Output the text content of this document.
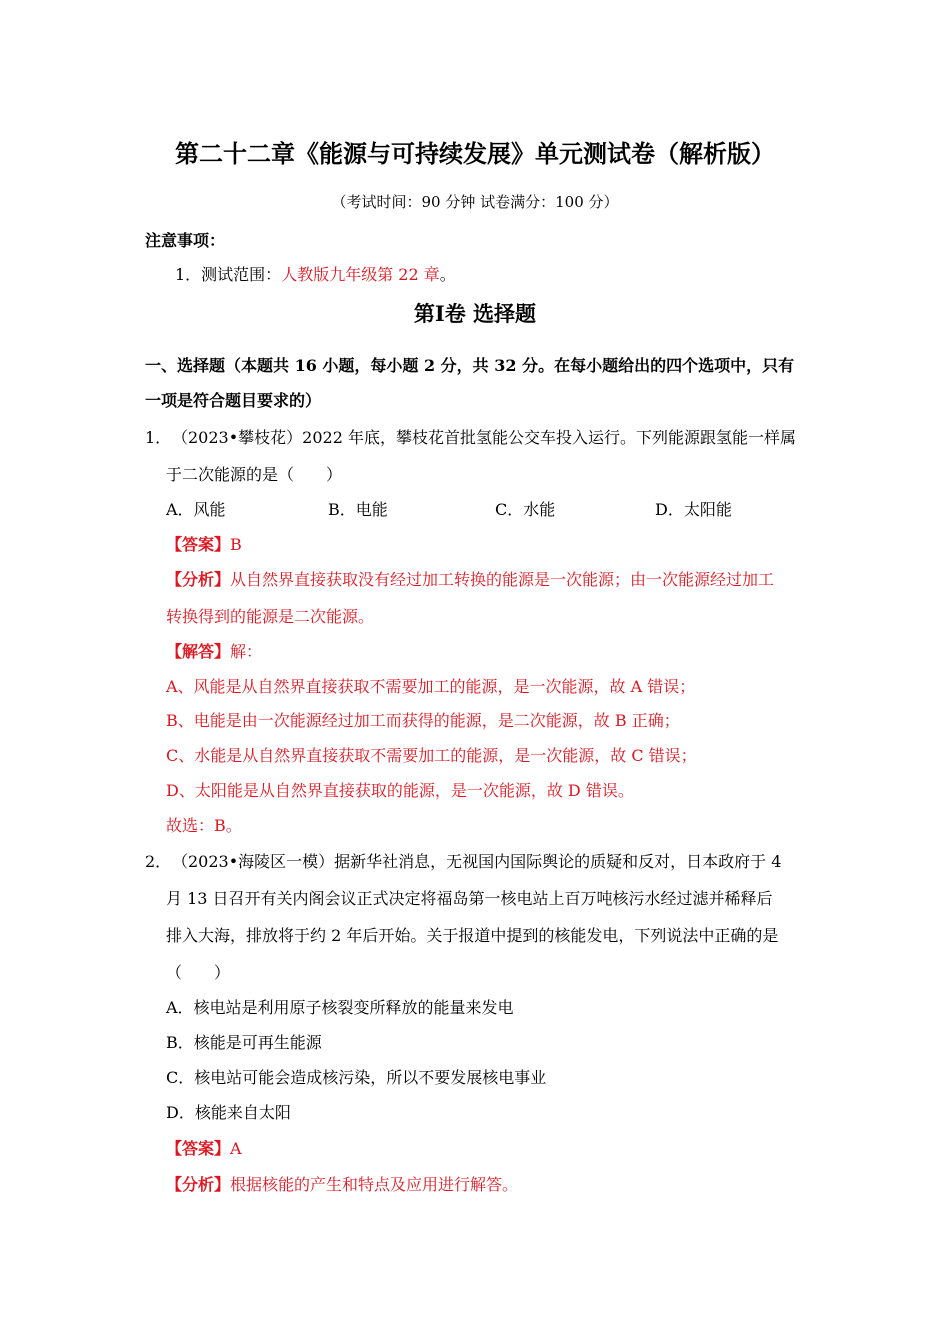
第二十二章《能源与可持续发展》单元测试卷（解析版）
（考试时间：90 分钟 试卷满分：100 分）
注意事项：
1．测试范围：人教版九年级第 22 章。
第Ⅰ卷 选择题
一、选择题（本题共 16 小题，每小题 2 分，共 32 分。在每小题给出的四个选项中，只有
一项是符合题目要求的）
1． （2023•攀枝花）2022 年底，攀枝花首批氢能公交车投入运行。下列能源跟氢能一样属
于二次能源的是（　　）
A．风能	B．电能	C．水能	D．太阳能
【答案】B
【分析】从自然界直接获取没有经过加工转换的能源是一次能源；由一次能源经过加工
转换得到的能源是二次能源。
【解答】解：
A、风能是从自然界直接获取不需要加工的能源，是一次能源，故 A 错误；
B、电能是由一次能源经过加工而获得的能源，是二次能源，故 B 正确；
C、水能是从自然界直接获取不需要加工的能源，是一次能源，故 C 错误；
D、太阳能是从自然界直接获取的能源，是一次能源，故 D 错误。
故选：B。
2． （2023•海陵区一模）据新华社消息，无视国内国际舆论的质疑和反对，日本政府于 4
月 13 日召开有关内阁会议正式决定将福岛第一核电站上百万吨核污水经过滤并稀释后
排入大海，排放将于约 2 年后开始。关于报道中提到的核能发电，下列说法中正确的是
（　　）
A．核电站是利用原子核裂变所释放的能量来发电
B．核能是可再生能源
C．核电站可能会造成核污染，所以不要发展核电事业
D．核能来自太阳
【答案】A
【分析】根据核能的产生和特点及应用进行解答。
